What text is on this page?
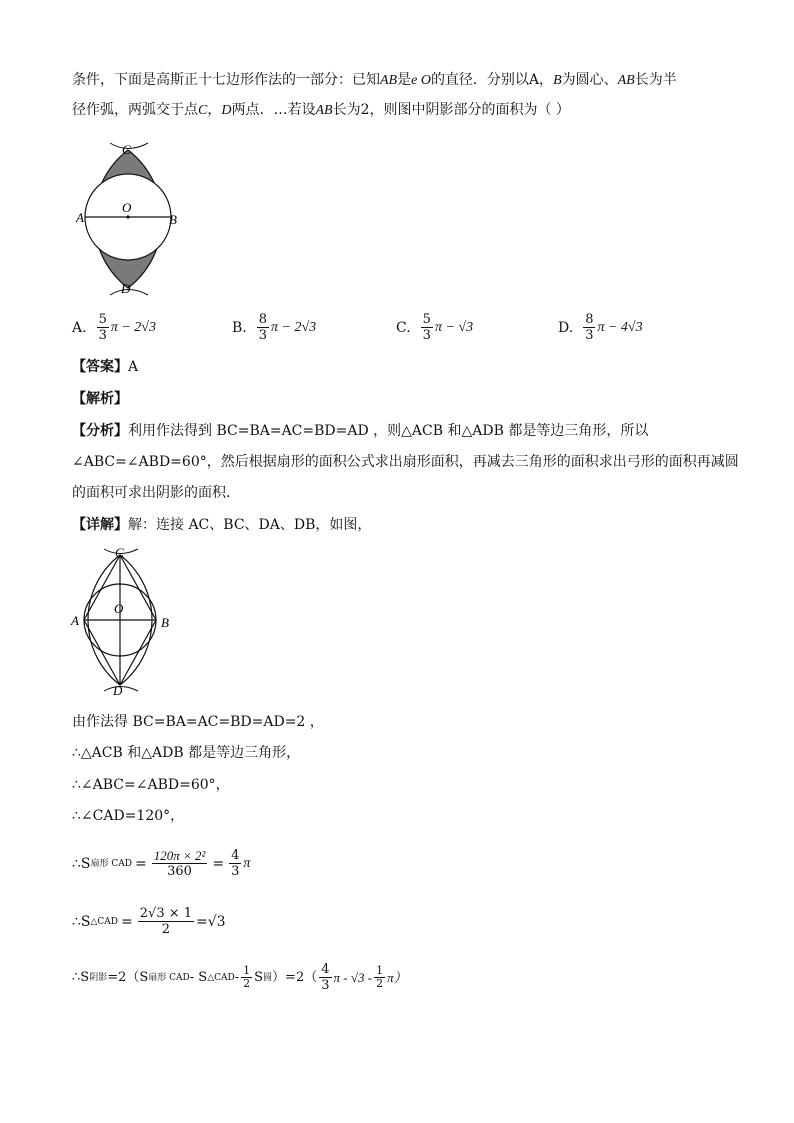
条件，下面是高斯正十七边形作法的一部分：已知AB是e O的直径．分别以A，B为圆心、AB长为半
径作弧，两弧交于点C，D两点．…若设AB长为2，则图中阴影部分的面积为（ ）
C
O
A	B
D
A. $\frac{5}{3}$ π − 2√3	B. $\frac{8}{3}$ π − 2√3	C. $\frac{5}{3}$ π − √3	D. $\frac{8}{3}$ π − 4√3
【答案】A
【解析】
【分析】利用作法得到 BC=BA=AC=BD=AD ，则△ACB 和△ADB 都是等边三角形，所以
∠ABC=∠ABD=60°，然后根据扇形的面积公式求出扇形面积，再减去三角形的面积求出弓形的面积再减圆
的面积可求出阴影的面积．
【详解】解：连接 AC、BC、DA、DB，如图，
C
O
A	B
D
由作法得 BC=BA=AC=BD=AD=2 ，
∴△ACB 和△ADB 都是等边三角形，
∴∠ABC=∠ABD=60°，
∴∠CAD=120°，
∴S 扇形 CAD = $\frac{\text{120π × 2²}}{360} = \frac{4}{3}$ π
∴S △CAD = $\frac{2√3 \times 1}{2} =√3$
∴S 阴影 =2（S 扇形 CAD - S △CAD - $\frac{1}{2}$ S 圆 ）$=2( \frac{4}{3}$ π - $√3 - \frac{1}{2} \pi$）
